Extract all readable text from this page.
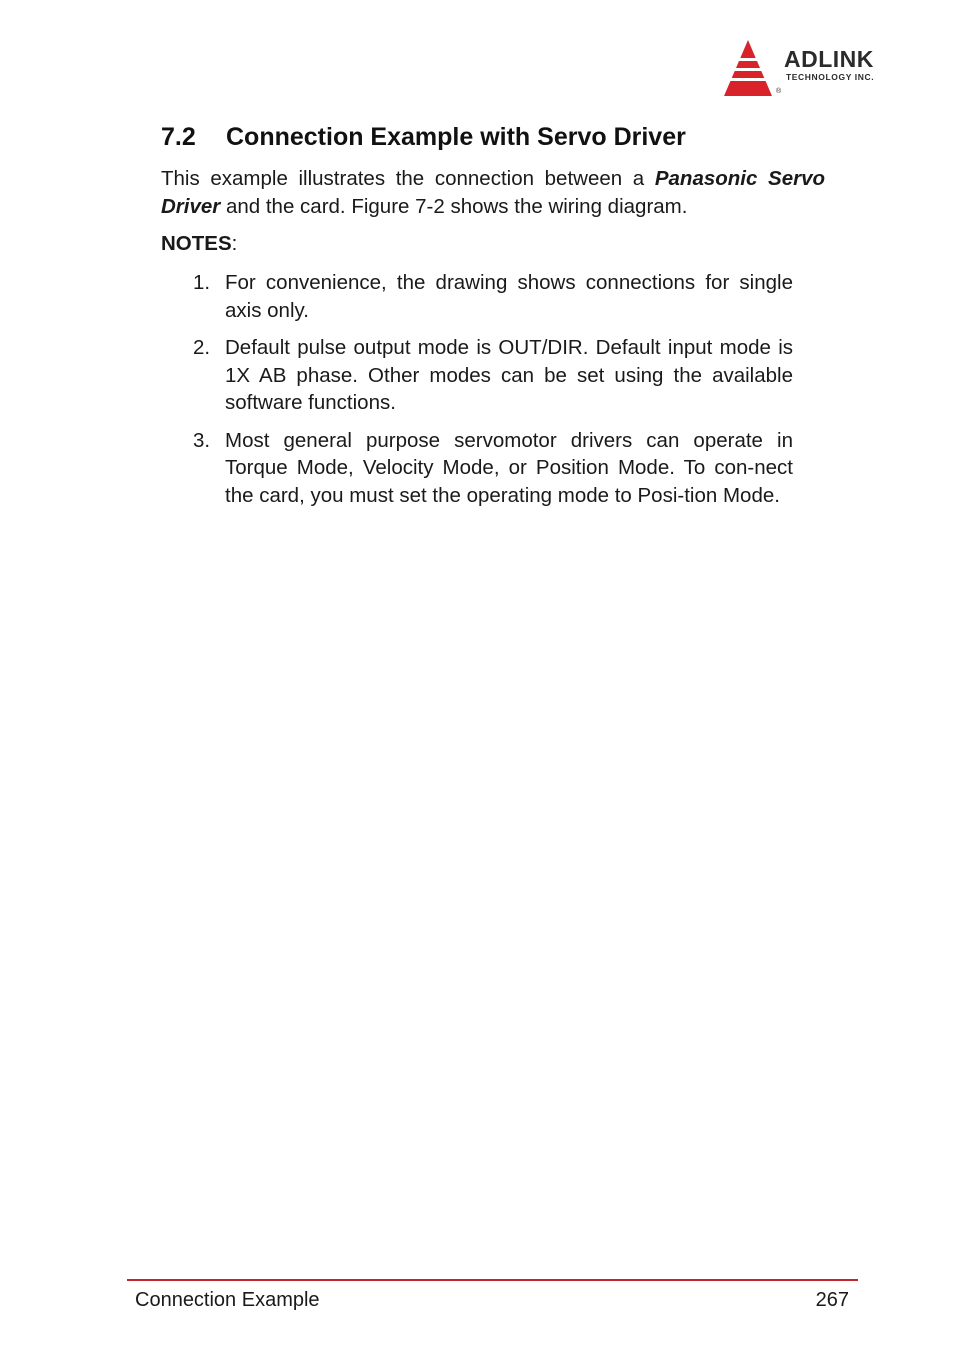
ADLINK
TECHNOLOGY INC.
®
7.2 Connection Example with Servo Driver

This example illustrates the connection between a Panasonic Servo Driver and the card. Figure 7-2 shows the wiring diagram.

NOTES:
1. For convenience, the drawing shows connections for single axis only.
2. Default pulse output mode is OUT/DIR. Default input mode is 1X AB phase. Other modes can be set using the available software functions.
3. Most general purpose servomotor drivers can operate in Torque Mode, Velocity Mode, or Position Mode. To con-nect the card, you must set the operating mode to Posi-tion Mode.
Connection Example	267
